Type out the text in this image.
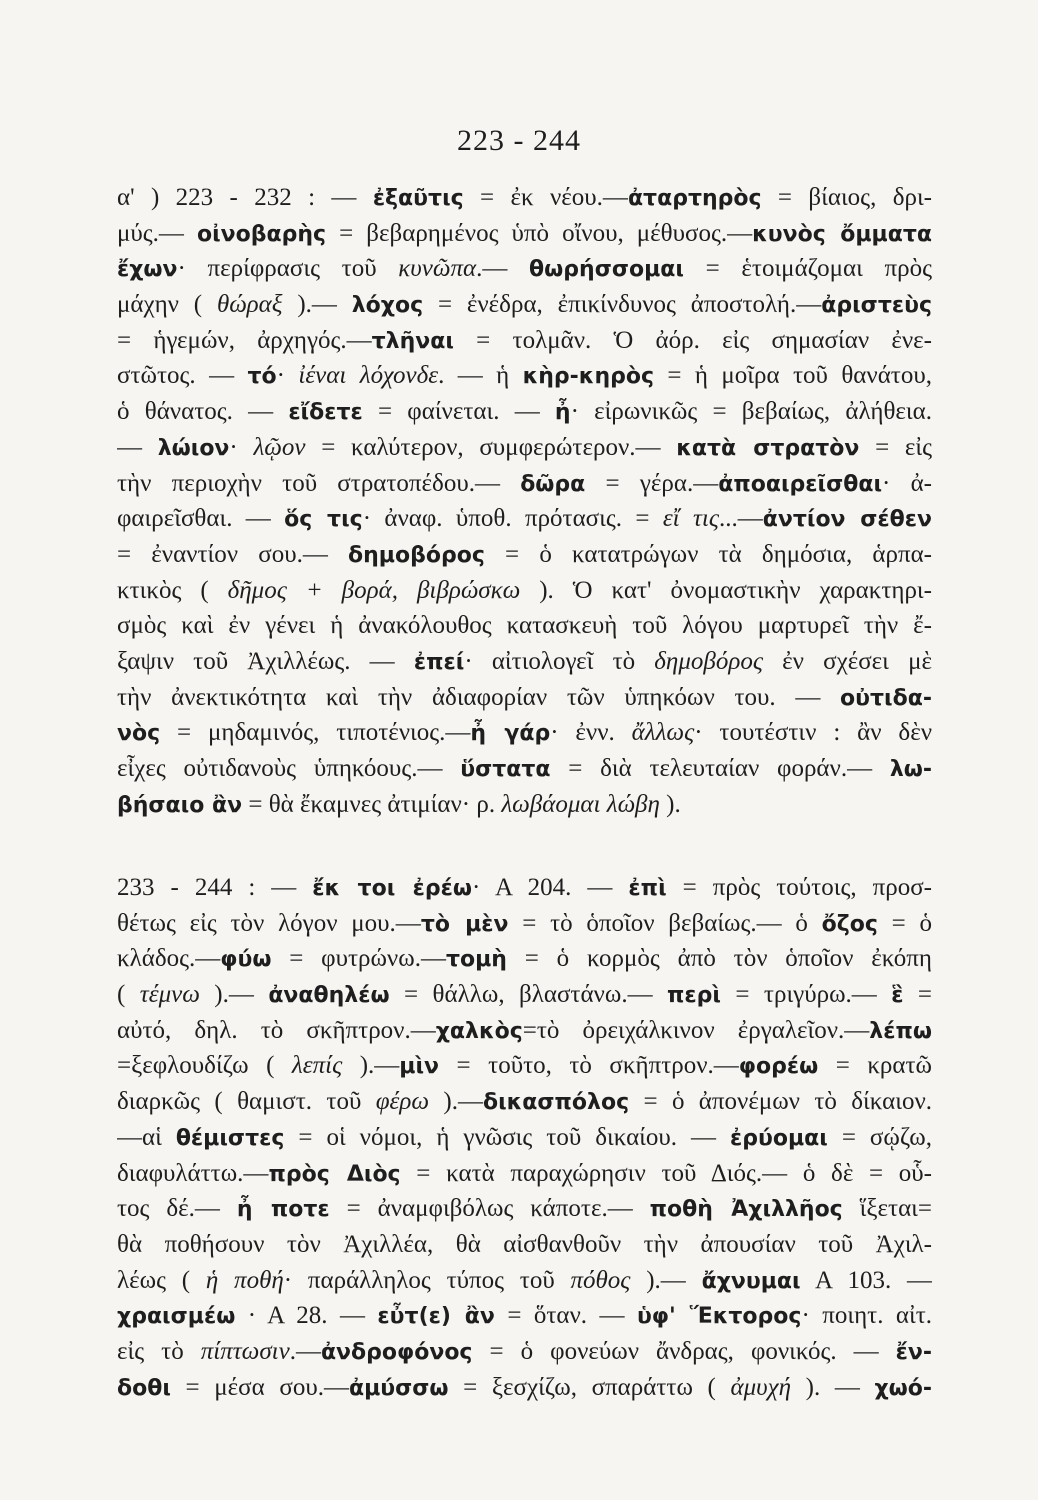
223 - 244
α' ) 223 - 232 : — ἐξαῦτις = ἐκ νέου.—ἀταρτηρὸς = βίαιος, δρι-
μύς.— οἰνοβαρὴς = βεβαρημένος ὑπὸ οἴνου, μέθυσος.—κυνὸς ὄμματα
ἔχων· περίφρασις τοῦ κυνῶπα.— θωρήσσομαι = ἑτοιμάζομαι πρὸς
μάχην ( θώραξ ).— λόχος = ἐνέδρα, ἐπικίνδυνος ἀποστολή.—ἀριστεὺς
= ἡγεμών, ἀρχηγός.—τλῆναι = τολμᾶν. Ὁ ἀόρ. εἰς σημασίαν ἐνε-
στῶτος. — τό· ἰέναι λόχονδε. — ἡ κὴρ-κηρὸς = ἡ μοῖρα τοῦ θανάτου,
ὁ θάνατος. — εἴδετε = φαίνεται. — ἦ· εἰρωνικῶς = βεβαίως, ἀλήθεια.
— λώιον· λῷον = καλύτερον, συμφερώτερον.— κατὰ στρατὸν = εἰς
τὴν περιοχὴν τοῦ στρατοπέδου.— δῶρα = γέρα.—ἀποαιρεῖσθαι· ἀ-
φαιρεῖσθαι. — ὅς τις· ἀναφ. ὑποθ. πρότασις. = εἴ τις...—ἀντίον σέθεν
= ἐναντίον σου.— δημοβόρος = ὁ κατατρώγων τὰ δημόσια, ἁρπα-
κτικὸς ( δῆμος + βορά, βιβρώσκω ). Ὁ κατ' ὀνομαστικὴν χαρακτηρι-
σμὸς καὶ ἐν γένει ἡ ἀνακόλουθος κατασκευὴ τοῦ λόγου μαρτυρεῖ τὴν ἔ-
ξαψιν τοῦ Ἀχιλλέως. — ἐπεί· αἰτιολογεῖ τὸ δημοβόρος ἐν σχέσει μὲ
τὴν ἀνεκτικότητα καὶ τὴν ἀδιαφορίαν τῶν ὑπηκόων του. — οὐτιδα-
νὸς = μηδαμινός, τιποτένιος.—ἦ γάρ· ἐνν. ἄλλως· τουτέστιν : ἂν δὲν
εἶχες οὐτιδανοὺς ὑπηκόους.— ὕστατα = διὰ τελευταίαν φοράν.— λω-
βήσαιο ἂν = θὰ ἔκαμνες ἀτιμίαν· ρ. λωβάομαι λώβη ).
233 - 244 : — ἔκ τοι ἐρέω· Α 204. — ἐπὶ = πρὸς τούτοις, προσ-
θέτως εἰς τὸν λόγον μου.—τὸ μὲν = τὸ ὁποῖον βεβαίως.— ὁ ὄζος = ὁ
κλάδος.—φύω = φυτρώνω.—τομὴ = ὁ κορμὸς ἀπὸ τὸν ὁποῖον ἐκόπη
( τέμνω ).— ἀναθηλέω = θάλλω, βλαστάνω.— περὶ = τριγύρω.— ἓ =
αὐτό, δηλ. τὸ σκῆπτρον.—χαλκὸς=τὸ ὀρειχάλκινον ἐργαλεῖον.—λέπω
=ξεφλουδίζω ( λεπίς ).—μὶν = τοῦτο, τὸ σκῆπτρον.—φορέω = κρατῶ
διαρκῶς ( θαμιστ. τοῦ φέρω ).—δικασπόλος = ὁ ἀπονέμων τὸ δίκαιον.
—αἱ θέμιστες = οἱ νόμοι, ἡ γνῶσις τοῦ δικαίου. — ἐρύομαι = σῴζω,
διαφυλάττω.—πρὸς Διὸς = κατὰ παραχώρησιν τοῦ Διός.— ὁ δὲ = οὗ-
τος δέ.— ἦ ποτε = ἀναμφιβόλως κάποτε.— ποθὴ Ἀχιλλῆος ἵξεται=
θὰ ποθήσουν τὸν Ἀχιλλέα, θὰ αἰσθανθοῦν τὴν ἀπουσίαν τοῦ Ἀχιλ-
λέως ( ἡ ποθή· παράλληλος τύπος τοῦ πόθος ).— ἄχνυμαι Α 103. —
χραισμέω · Α 28. — εὖτ(ε) ἂν = ὅταν. — ὑφ' Ἕκτορος· ποιητ. αἰτ.
εἰς τὸ πίπτωσιν.—ἀνδροφόνος = ὁ φονεύων ἄνδρας, φονικός. — ἔν-
δοθι = μέσα σου.—ἀμύσσω = ξεσχίζω, σπαράττω ( ἀμυχή ). — χωό-
